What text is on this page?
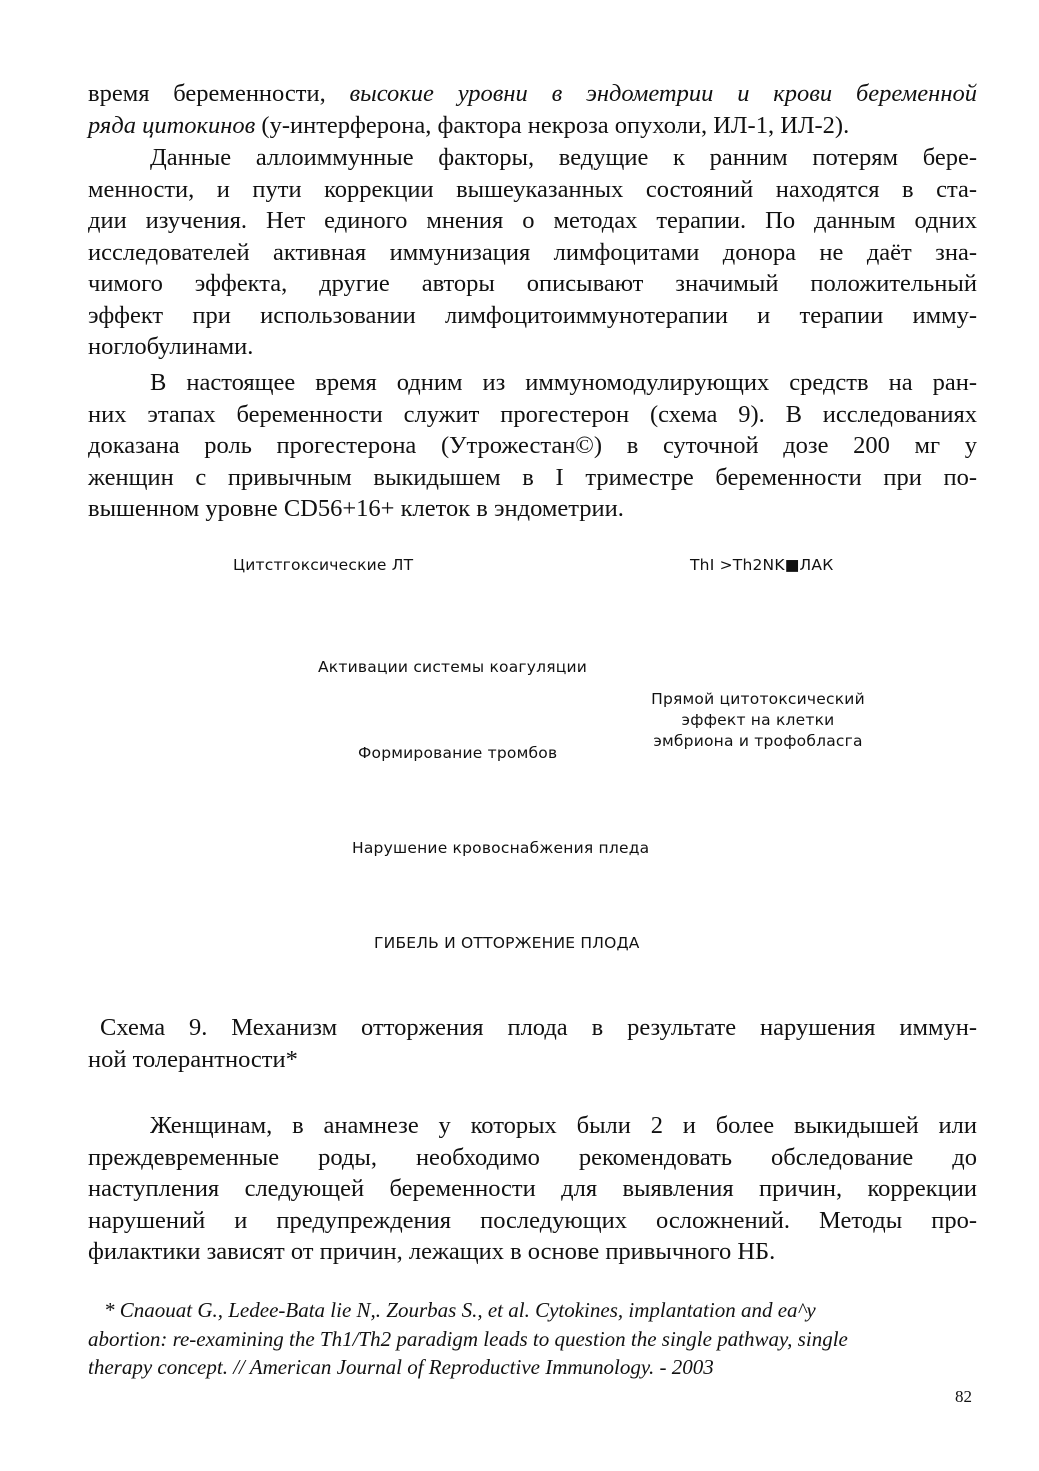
время беременности, высокие уровни в эндометрии и крови беременной
ряда цитокинов (у-интерферона, фактора некроза опухоли, ИЛ-1, ИЛ-2).
Данные аллоиммунные факторы, ведущие к ранним потерям бере-
менности, и пути коррекции вышеуказанных состояний находятся в ста-
дии изучения. Нет единого мнения о методах терапии. По данным одних
исследователей активная иммунизация лимфоцитами донора не даёт зна-
чимого эффекта, другие авторы описывают значимый положительный
эффект при использовании лимфоцитоиммунотерапии и терапии имму-
ноглобулинами.
В настоящее время одним из иммуномодулирующих средств на ран-
них этапах беременности служит прогестерон (схема 9). В исследованиях
доказана роль прогестерона (Утрожестан©) в суточной дозе 200 мг у
женщин с привычным выкидышем в I триместре беременности при по-
вышенном уровне CD56+16+ клеток в эндометрии.
Цитстгоксические ЛТ	ThI >Th2NK■ЛАК
Активации системы коагуляции
Прямой цитотоксический
эффект на клетки
эмбриона и трофобласга
Формирование тромбов
Нарушение кровоснабжения пледа
ГИБЕЛЬ И ОТТОРЖЕНИЕ ПЛОДА
Схема 9. Механизм отторжения плода в результате нарушения иммун-
ной толерантности*
Женщинам, в анамнезе у которых были 2 и более выкидышей или
преждевременные роды, необходимо рекомендовать обследование до
наступления следующей беременности для выявления причин, коррекции
нарушений и предупреждения последующих осложнений. Методы про-
филактики зависят от причин, лежащих в основе привычного НБ.
* Cnaouat G., Ledee-Bata lie N,. Zourbas S., et al. Cytokines, implantation and ea^y
abortion: re-examining the Th1/Th2 paradigm leads to question the single pathway, single
therapy concept. // American Journal of Reproductive Immunology. - 2003
82
